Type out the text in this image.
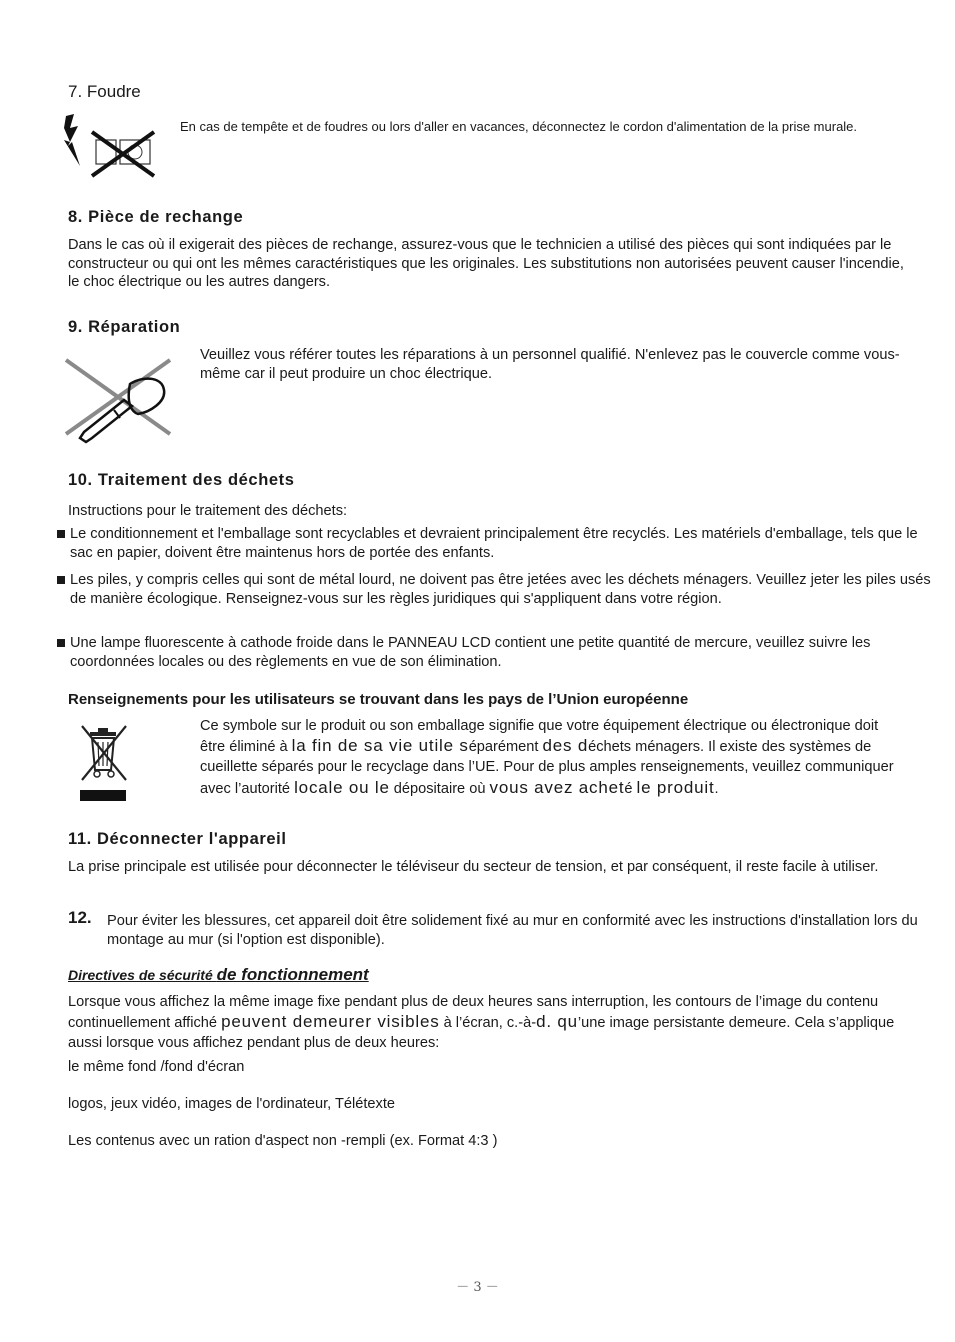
7. Foudre
En cas de tempête et de foudres ou lors d'aller en vacances, déconnectez le cordon d'alimentation de la prise murale.
8. Pièce de rechange
Dans le cas où il exigerait des pièces de rechange, assurez-vous que le technicien a utilisé des pièces qui sont indiquées par le constructeur ou qui ont les mêmes caractéristiques que les originales. Les substitutions non autorisées peuvent causer l'incendie, le choc électrique ou les autres dangers.
9. Réparation
Veuillez vous référer toutes les réparations à un personnel qualifié. N'enlevez pas le couvercle comme vous-même car il peut produire un choc électrique.
10. Traitement des déchets
Instructions pour le traitement des déchets:
Le conditionnement et l'emballage sont recyclables et devraient principalement être recyclés. Les matériels d'emballage, tels que le sac en papier, doivent être maintenus hors de portée des enfants.
Les piles, y compris celles qui sont de métal lourd, ne doivent pas être jetées avec les déchets ménagers. Veuillez jeter les piles usés de manière écologique. Renseignez-vous sur les règles juridiques qui s'appliquent dans votre région.
Une lampe fluorescente à cathode froide dans le PANNEAU LCD contient une petite quantité de mercure, veuillez suivre les coordonnées locales ou des règlements en vue de son élimination.
Renseignements pour les utilisateurs se trouvant dans les pays de l’Union européenne
Ce symbole sur le produit ou son emballage signifie que votre équipement électrique ou électronique doit être éliminé à la fin de sa vie utile séparément des déchets ménagers. Il existe des systèmes de cueillette séparés pour le recyclage dans l’UE. Pour de plus amples renseignements, veuillez communiquer avec l’autorité locale ou le dépositaire où vous avez acheté le produit.
11. Déconnecter l'appareil
La prise principale est utilisée pour déconnecter le téléviseur du secteur de tension, et par conséquent, il reste facile à utiliser.
12. Pour éviter les blessures, cet appareil doit être solidement fixé au mur en conformité avec les instructions d'installation lors du montage au mur (si l'option est disponible).
Directives de sécurité de fonctionnement
Lorsque vous affichez la même image fixe pendant plus de deux heures sans interruption, les contours de l’image du contenu continuellement affiché peuvent demeurer visibles à l’écran, c.-à-d. qu’une image persistante demeure. Cela s’applique aussi lorsque vous affichez pendant plus de deux heures:
le même fond /fond d'écran
logos, jeux vidéo, images de l'ordinateur, Télétexte
Les contenus avec un ration d'aspect non -rempli (ex. Format 4:3 )
－ 3 －
